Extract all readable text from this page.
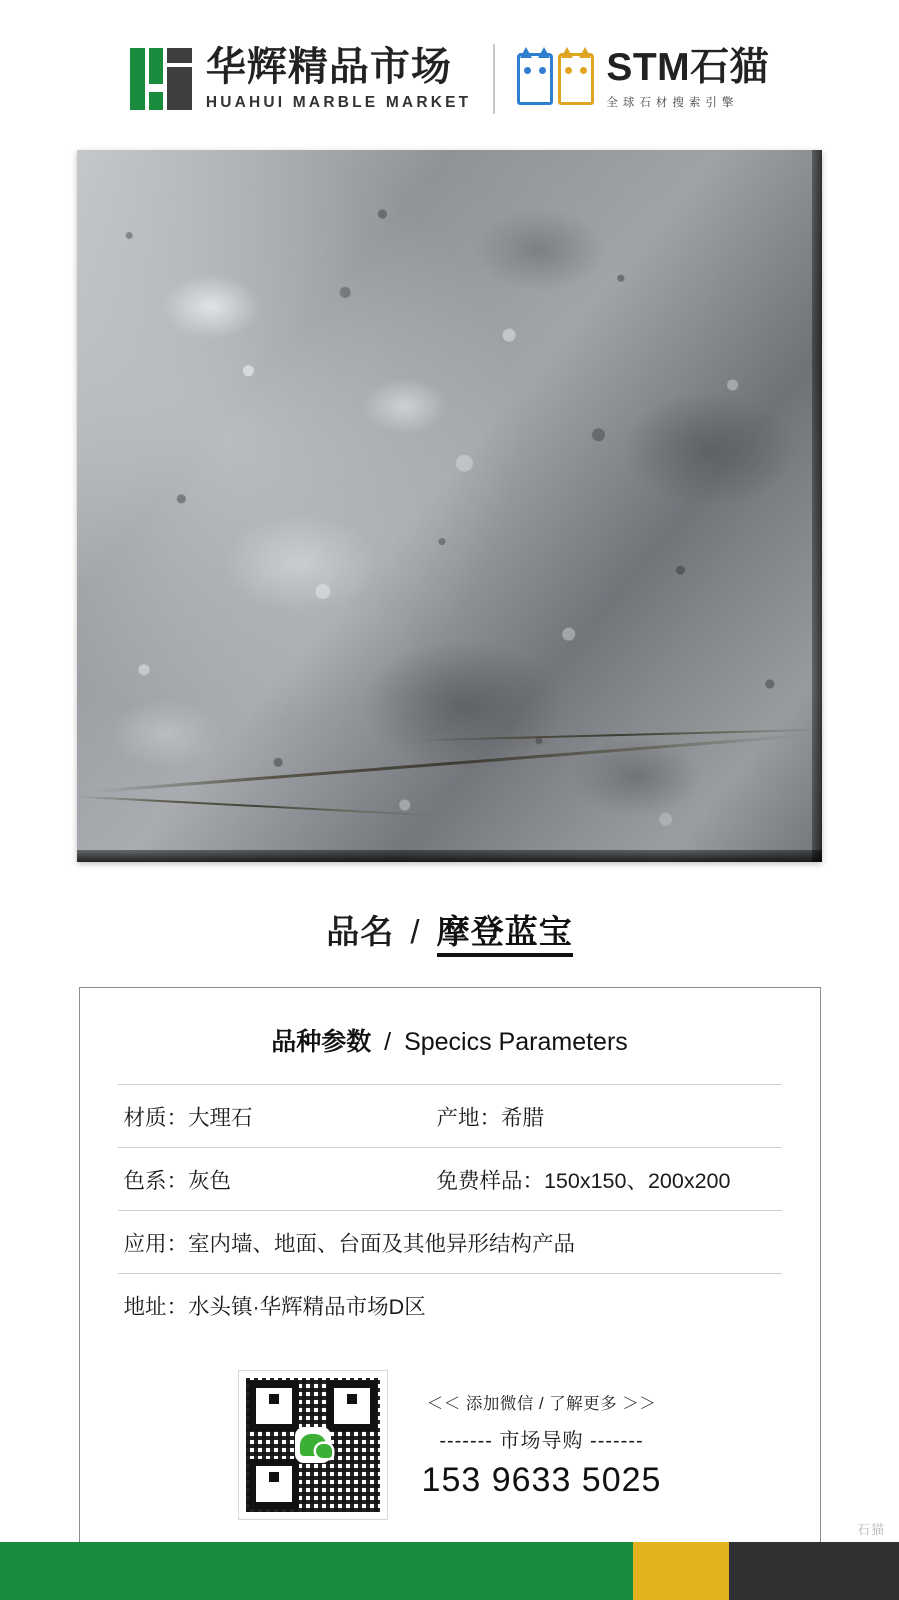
华辉精品市场
HUAHUI MARBLE MARKET
STM石猫
全球石材搜索引擎
品名 / 摩登蓝宝
品种参数 / Specics Parameters
材质：大理石	产地：希腊
色系：灰色	免费样品：150x150、200x200
应用：室内墙、地面、台面及其他异形结构产品
地址：水头镇·华辉精品市场D区
＜＜ 添加微信 / 了解更多 ＞＞
------- 市场导购 -------
153 9633 5025
石猫
